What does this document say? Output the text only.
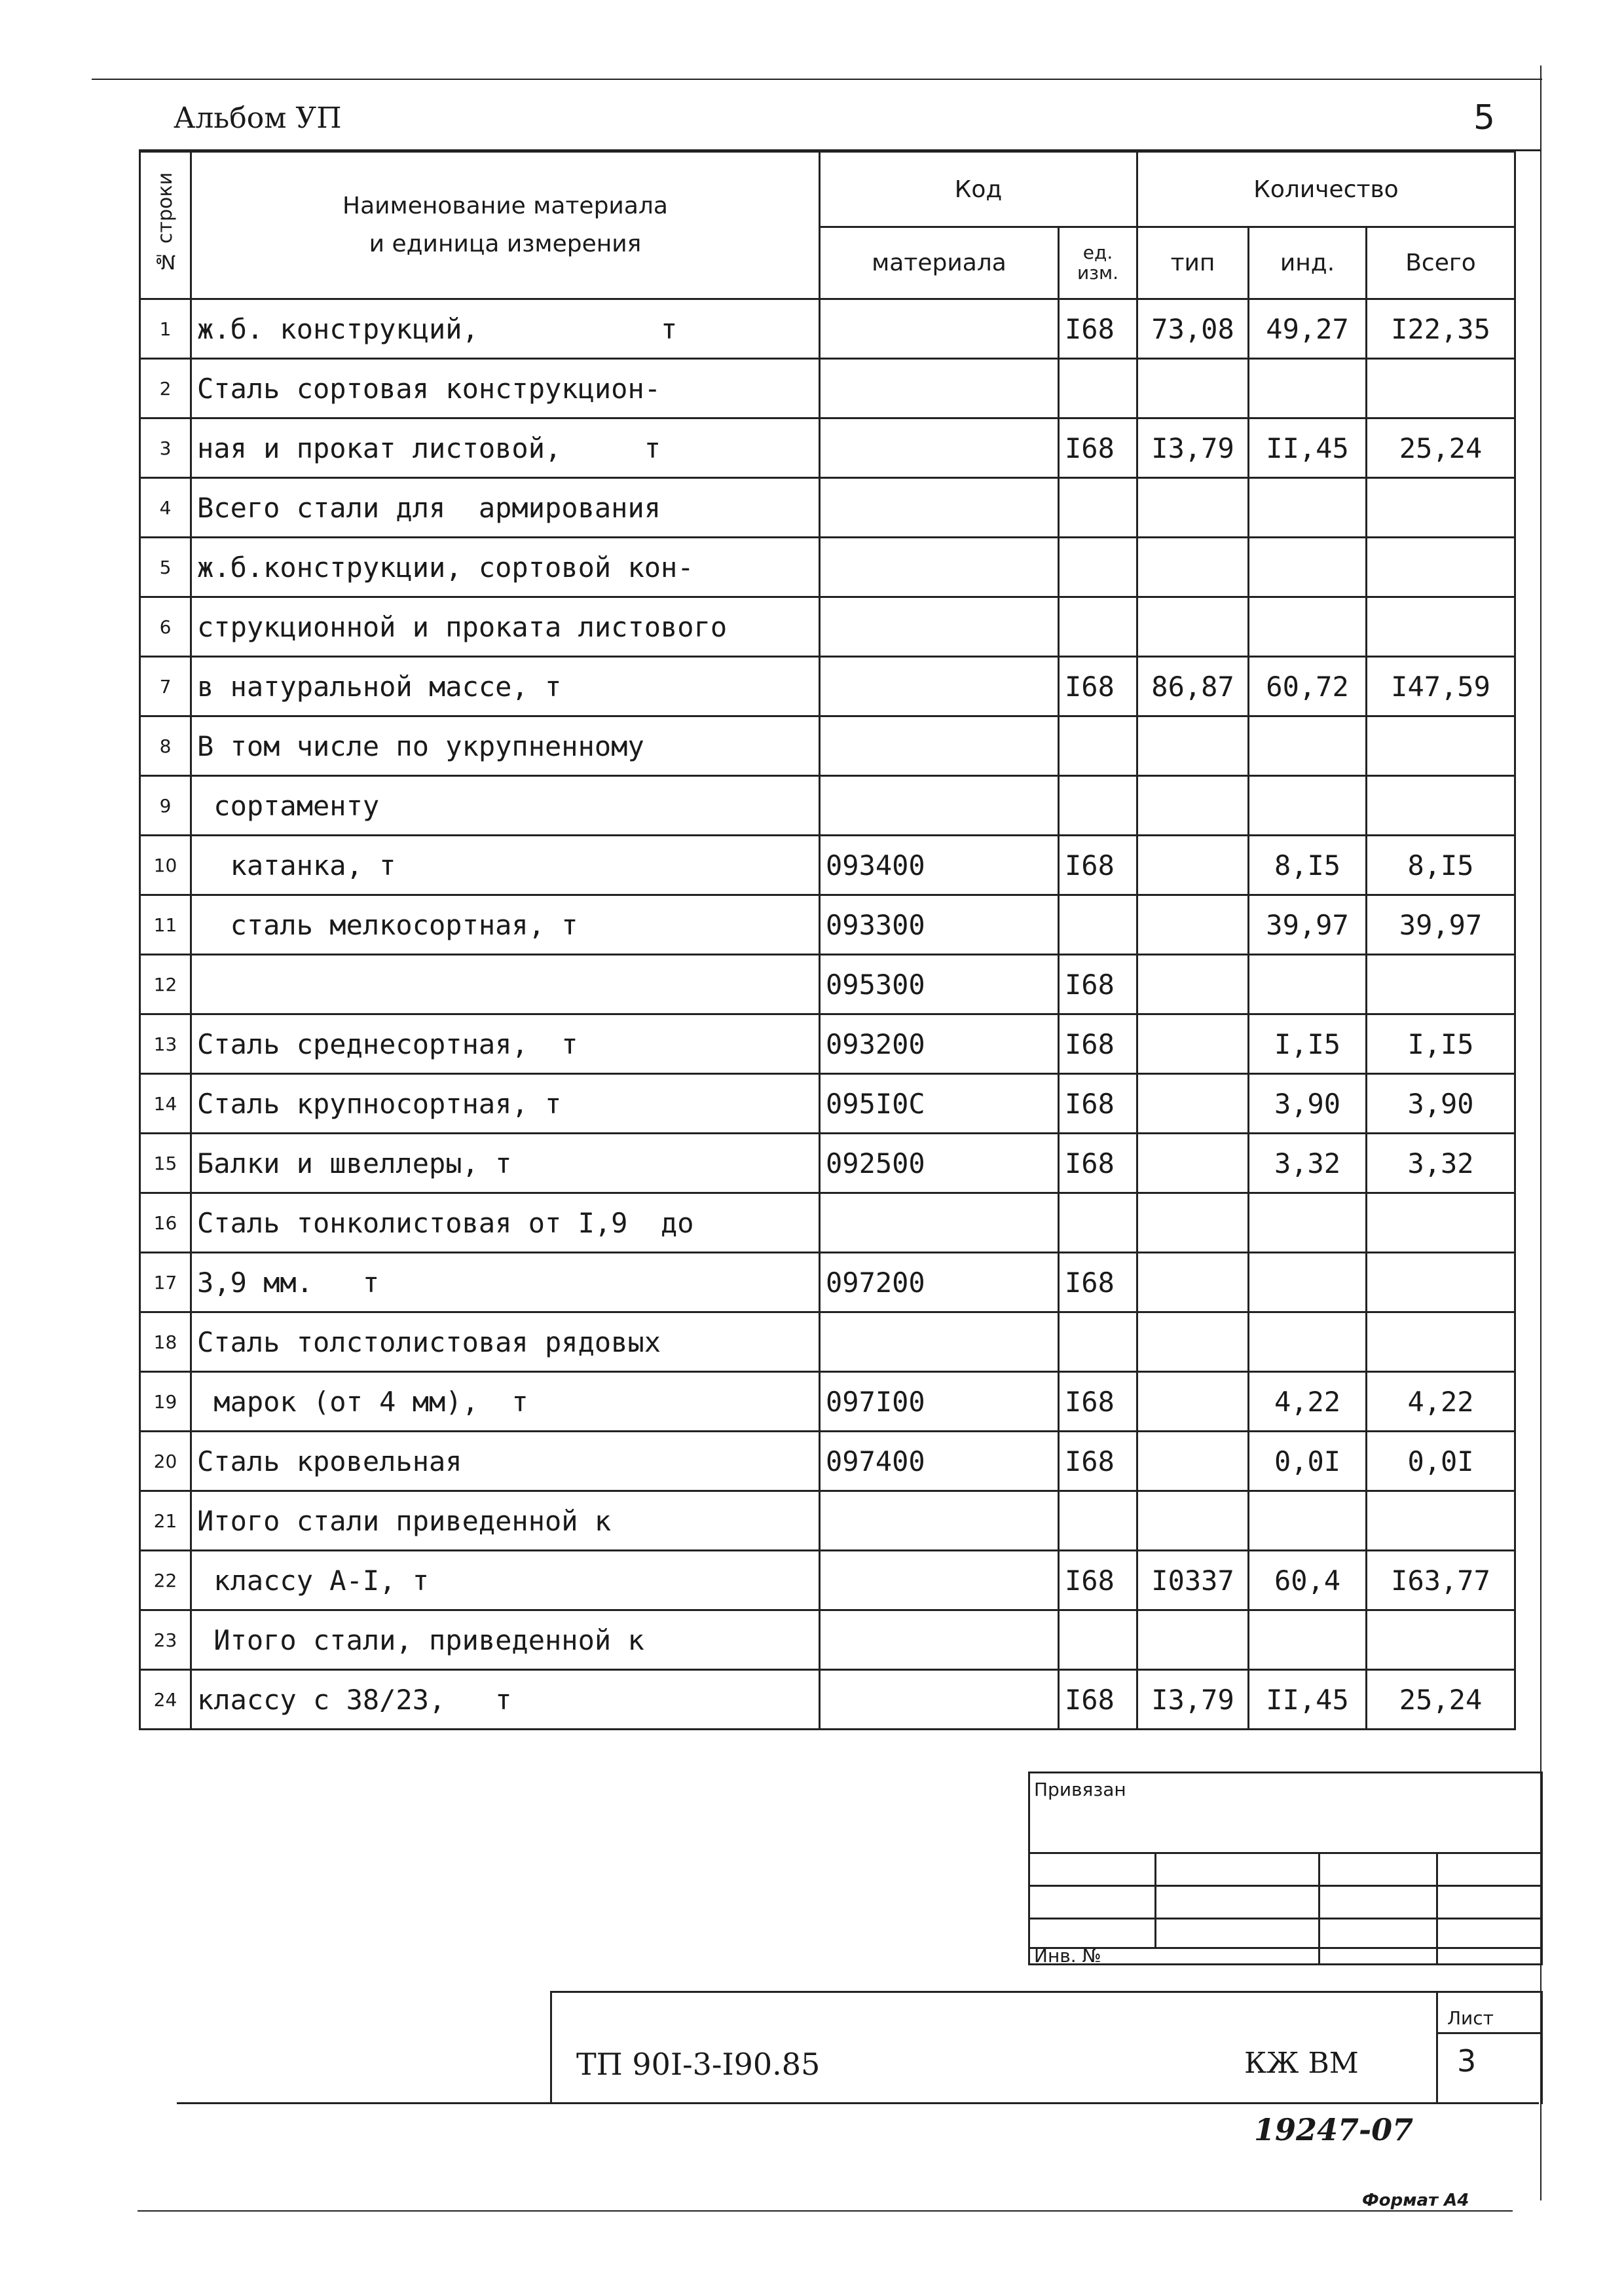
Альбом УП	5
№ строки	Наименование материала
и единица измерения	Код		Количество		
		материала	ед. изм.	тип	инд.	Всего
1	ж.б. конструкций,           т		I68	73,08	49,27	I22,35
2	Сталь сортовая конструкцион-					
3	ная и прокат листовой,     т		I68	I3,79	II,45	25,24
4	Всего стали для  армирования					
5	ж.б.конструкции, сортовой кон-					
6	струкционной и проката листового					
7	в натуральной массе, т		I68	86,87	60,72	I47,59
8	В том числе по укрупненному					
9	сортаменту					
10	катанка, т	093400	I68		8,I5	8,I5
11	сталь мелкосортная, т	093300			39,97	39,97
12		095300	I68			
13	Сталь среднесортная,  т	093200	I68		I,I5	I,I5
14	Сталь крупносортная, т	095I0C	I68		3,90	3,90
15	Балки и швеллеры, т	092500	I68		3,32	3,32
16	Сталь тонколистовая от I,9  до					
17	3,9 мм.   т	097200	I68			
18	Сталь толстолистовая рядовых					
19	марок (от 4 мм),  т	097I00	I68		4,22	4,22
20	Сталь кровельная	097400	I68		0,0I	0,0I
21	Итого стали приведенной к					
22	классу А-I, т		I68	I0337	60,4	I63,77
23	Итого стали, приведенной к					
24	классу с 38/23,   т		I68	I3,79	II,45	25,24
Привязан
Инв. №
ТП 90I-3-I90.85	КЖ ВМ
Лист
3
19247-07
Формат А4
